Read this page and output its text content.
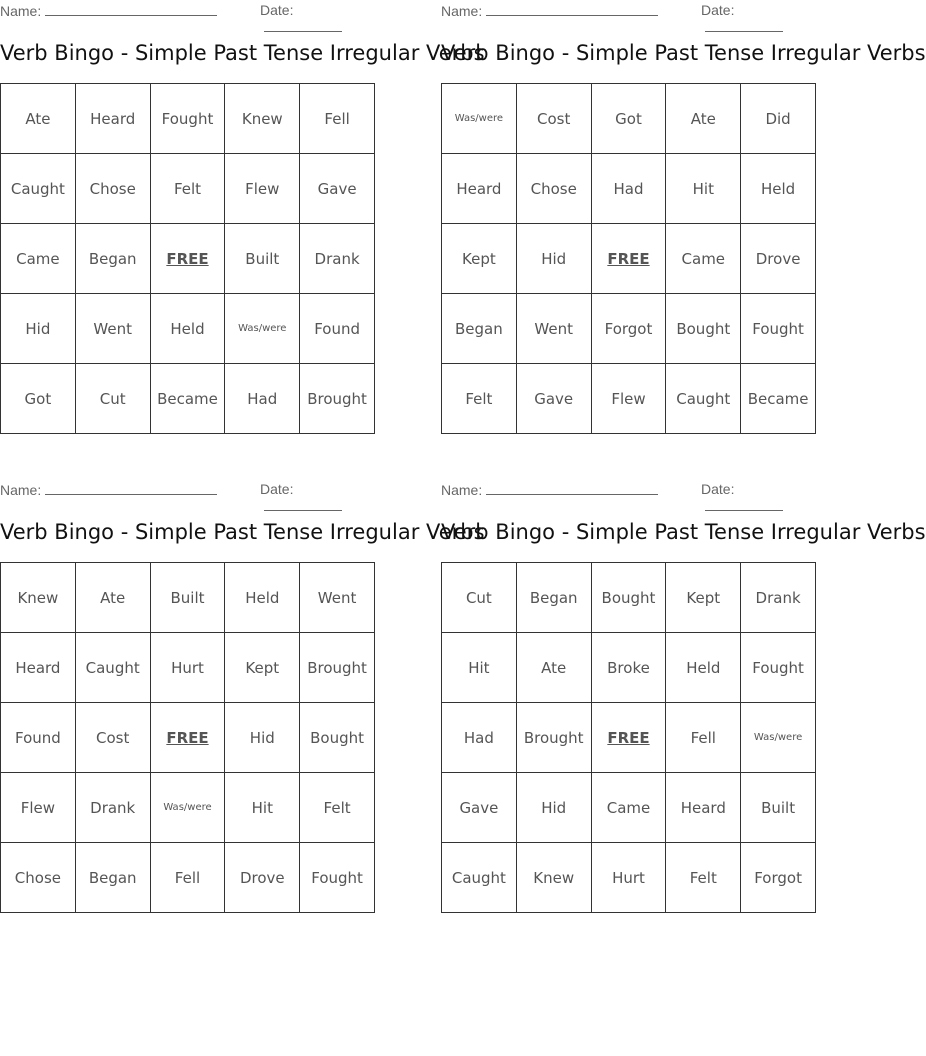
Name:	Date:
Verb Bingo - Simple Past Tense Irregular Verbs
Ate	Heard	Fought	Knew	Fell
Caught	Chose	Felt	Flew	Gave
Came	Began	FREE	Built	Drank
Hid	Went	Held	Was/were	Found
Got	Cut	Became	Had	Brought
Name:	Date:
Verb Bingo - Simple Past Tense Irregular Verbs
Was/were	Cost	Got	Ate	Did
Heard	Chose	Had	Hit	Held
Kept	Hid	FREE	Came	Drove
Began	Went	Forgot	Bought	Fought
Felt	Gave	Flew	Caught	Became
Name:	Date:
Verb Bingo - Simple Past Tense Irregular Verbs
Knew	Ate	Built	Held	Went
Heard	Caught	Hurt	Kept	Brought
Found	Cost	FREE	Hid	Bought
Flew	Drank	Was/were	Hit	Felt
Chose	Began	Fell	Drove	Fought
Name:	Date:
Verb Bingo - Simple Past Tense Irregular Verbs
Cut	Began	Bought	Kept	Drank
Hit	Ate	Broke	Held	Fought
Had	Brought	FREE	Fell	Was/were
Gave	Hid	Came	Heard	Built
Caught	Knew	Hurt	Felt	Forgot
